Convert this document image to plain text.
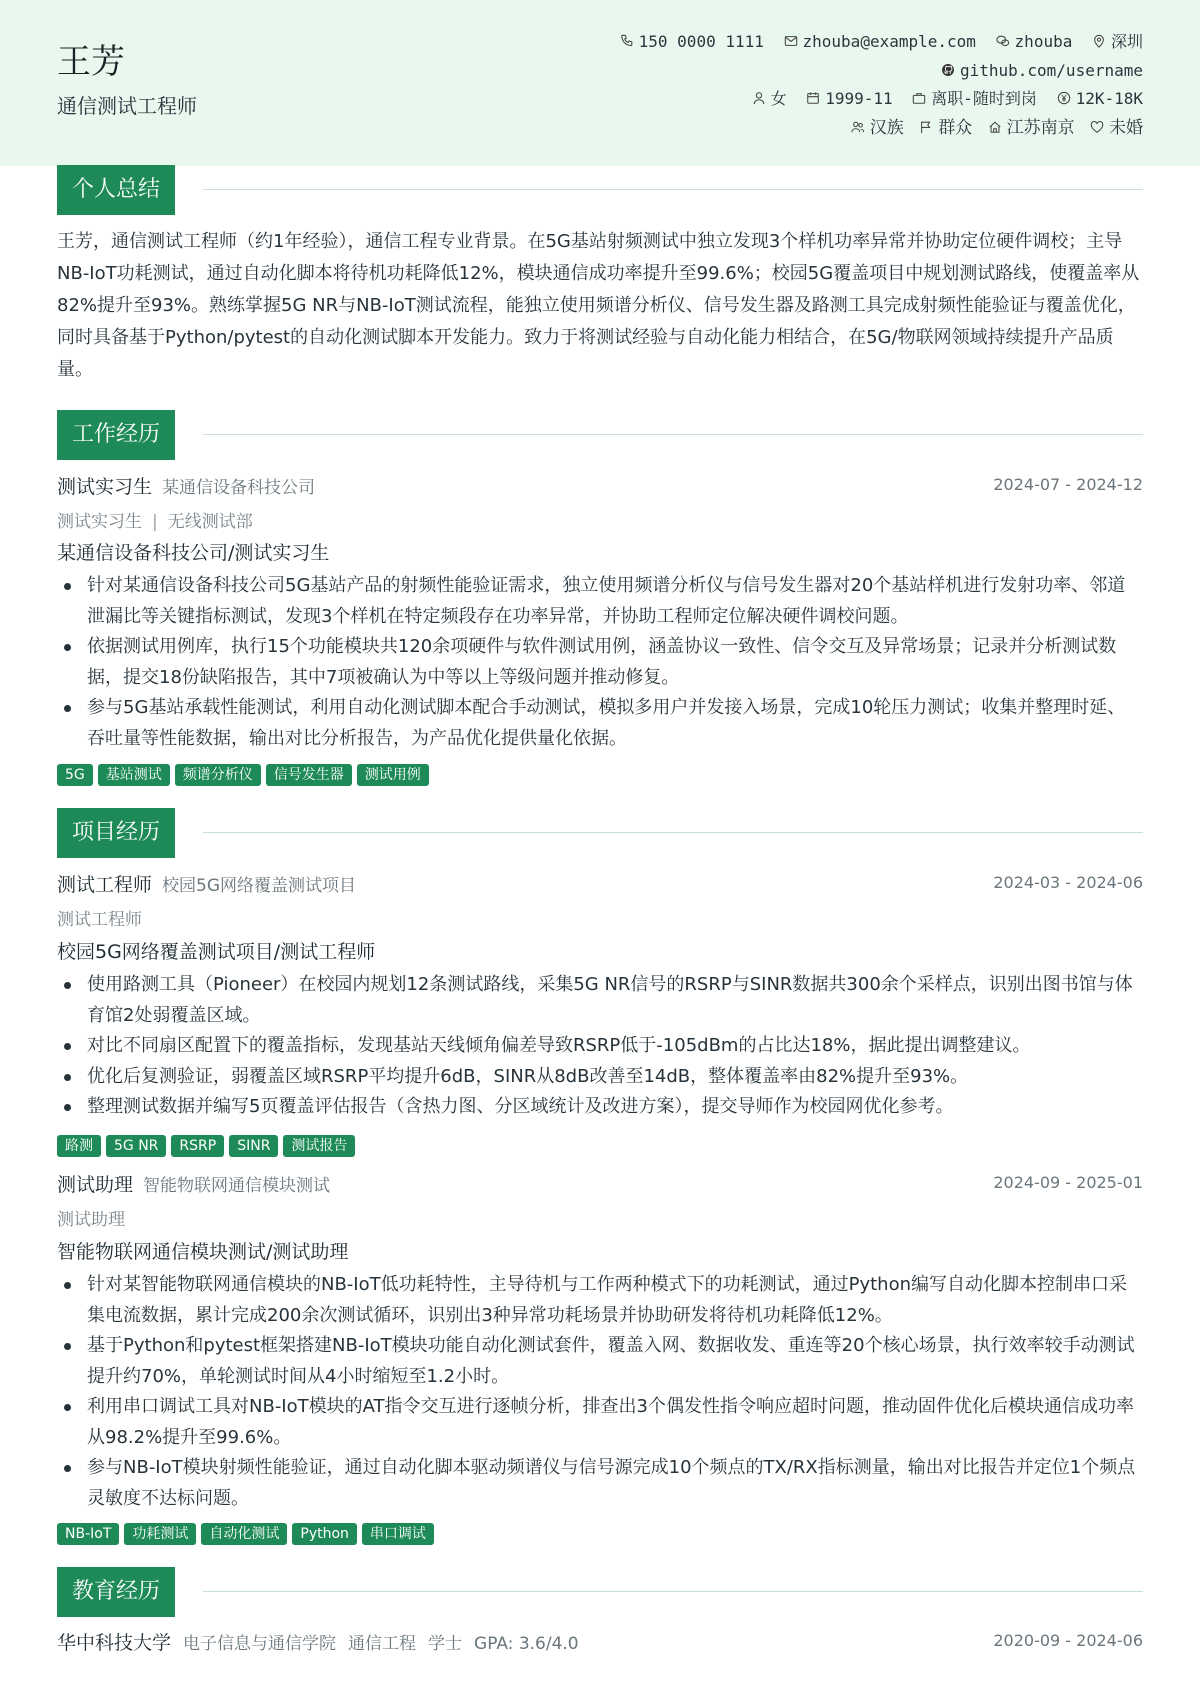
王芳
通信测试工程师
150 0000 1111 zhouba@example.com zhouba 深圳
github.com/username
女 1999-11 离职-随时到岗 12K-18K
汉族 群众 江苏南京 未婚
个人总结

王芳，通信测试工程师（约1年经验），通信工程专业背景。在5G基站射频测试中独立发现3个样机功率异常并协助定位硬件调校；主导NB-IoT功耗测试，通过自动化脚本将待机功耗降低12%，模块通信成功率提升至99.6%；校园5G覆盖项目中规划测试路线，使覆盖率从82%提升至93%。熟练掌握5G NR与NB-IoT测试流程，能独立使用频谱分析仪、信号发生器及路测工具完成射频性能验证与覆盖优化，同时具备基于Python/pytest的自动化测试脚本开发能力。致力于将测试经验与自动化能力相结合，在5G/物联网领域持续提升产品质量。

工作经历
测试实习生 某通信设备科技公司	2024-07 - 2024-12
测试实习生 | 无线测试部
某通信设备科技公司/测试实习生
针对某通信设备科技公司5G基站产品的射频性能验证需求，独立使用频谱分析仪与信号发生器对20个基站样机进行发射功率、邻道泄漏比等关键指标测试，发现3个样机在特定频段存在功率异常，并协助工程师定位解决硬件调校问题。
依据测试用例库，执行15个功能模块共120余项硬件与软件测试用例，涵盖协议一致性、信令交互及异常场景；记录并分析测试数据，提交18份缺陷报告，其中7项被确认为中等以上等级问题并推动修复。
参与5G基站承载性能测试，利用自动化测试脚本配合手动测试，模拟多用户并发接入场景，完成10轮压力测试；收集并整理时延、吞吐量等性能数据，输出对比分析报告，为产品优化提供量化依据。
5G 基站测试 频谱分析仪 信号发生器 测试用例
项目经历
测试工程师 校园5G网络覆盖测试项目	2024-03 - 2024-06
测试工程师
校园5G网络覆盖测试项目/测试工程师
使用路测工具（Pioneer）在校园内规划12条测试路线，采集5G NR信号的RSRP与SINR数据共300余个采样点，识别出图书馆与体育馆2处弱覆盖区域。
对比不同扇区配置下的覆盖指标，发现基站天线倾角偏差导致RSRP低于-105dBm的占比达18%，据此提出调整建议。
优化后复测验证，弱覆盖区域RSRP平均提升6dB，SINR从8dB改善至14dB，整体覆盖率由82%提升至93%。
整理测试数据并编写5页覆盖评估报告（含热力图、分区域统计及改进方案），提交导师作为校园网优化参考。
路测 5G NR RSRP SINR 测试报告
测试助理 智能物联网通信模块测试	2024-09 - 2025-01
测试助理
智能物联网通信模块测试/测试助理
针对某智能物联网通信模块的NB-IoT低功耗特性，主导待机与工作两种模式下的功耗测试，通过Python编写自动化脚本控制串口采集电流数据，累计完成200余次测试循环，识别出3种异常功耗场景并协助研发将待机功耗降低12%。
基于Python和pytest框架搭建NB-IoT模块功能自动化测试套件，覆盖入网、数据收发、重连等20个核心场景，执行效率较手动测试提升约70%，单轮测试时间从4小时缩短至1.2小时。
利用串口调试工具对NB-IoT模块的AT指令交互进行逐帧分析，排查出3个偶发性指令响应超时问题，推动固件优化后模块通信成功率从98.2%提升至99.6%。
参与NB-IoT模块射频性能验证，通过自动化脚本驱动频谱仪与信号源完成10个频点的TX/RX指标测量，输出对比报告并定位1个频点灵敏度不达标问题。
NB-IoT 功耗测试 自动化测试 Python 串口调试
教育经历
华中科技大学 电子信息与通信学院 通信工程 学士 GPA: 3.6/4.0	2020-09 - 2024-06
